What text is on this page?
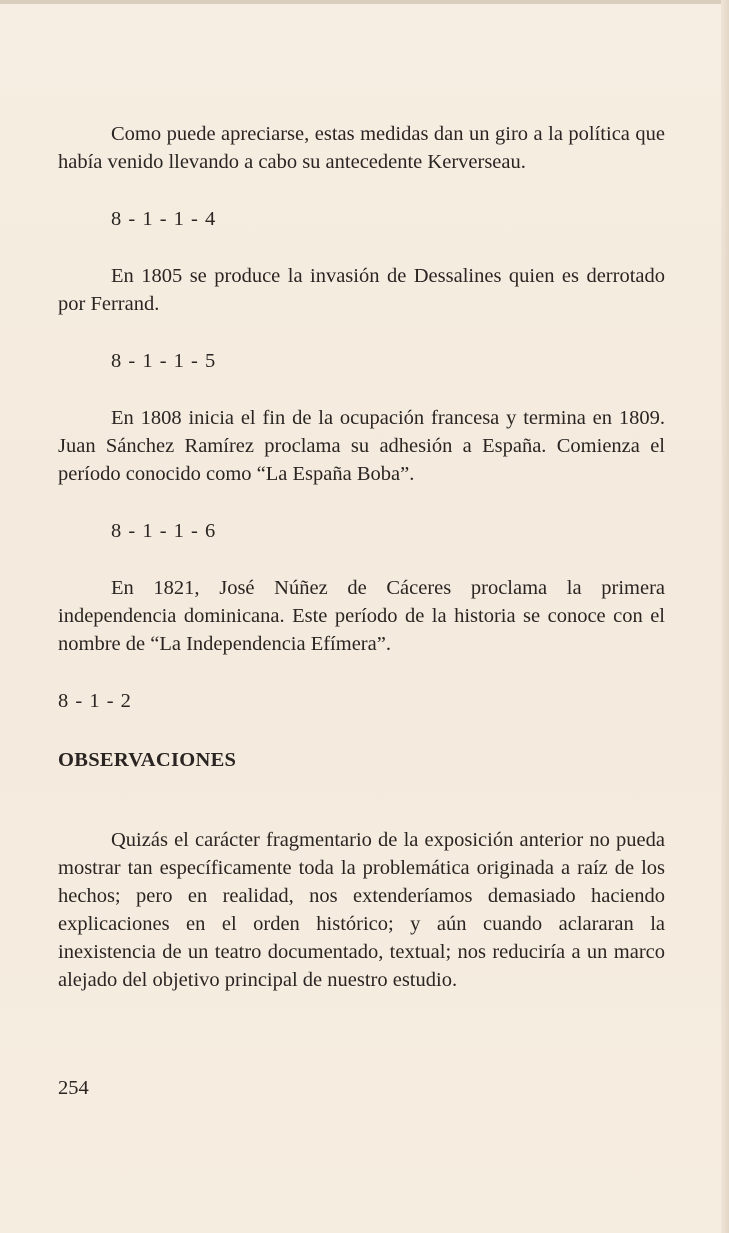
Como puede apreciarse, estas medidas dan un giro a la política que había venido llevando a cabo su antecedente Kerverseau.

8 - 1 - 1 - 4

En 1805 se produce la invasión de Dessalines quien es derrotado por Ferrand.

8 - 1 - 1 - 5

En 1808 inicia el fin de la ocupación francesa y termina en 1809. Juan Sánchez Ramírez proclama su adhesión a España. Comienza el período conocido como “La España Boba”.

8 - 1 - 1 - 6

En 1821, José Núñez de Cáceres proclama la primera independencia dominicana. Este período de la historia se conoce con el nombre de “La Independencia Efímera”.

8 - 1 - 2

OBSERVACIONES

Quizás el carácter fragmentario de la exposición anterior no pueda mostrar tan específicamente toda la problemática originada a raíz de los hechos; pero en realidad, nos extenderíamos demasiado haciendo explicaciones en el orden histórico; y aún cuando aclararan la inexistencia de un teatro documentado, textual; nos reduciría a un marco alejado del objetivo principal de nuestro estudio.

254
